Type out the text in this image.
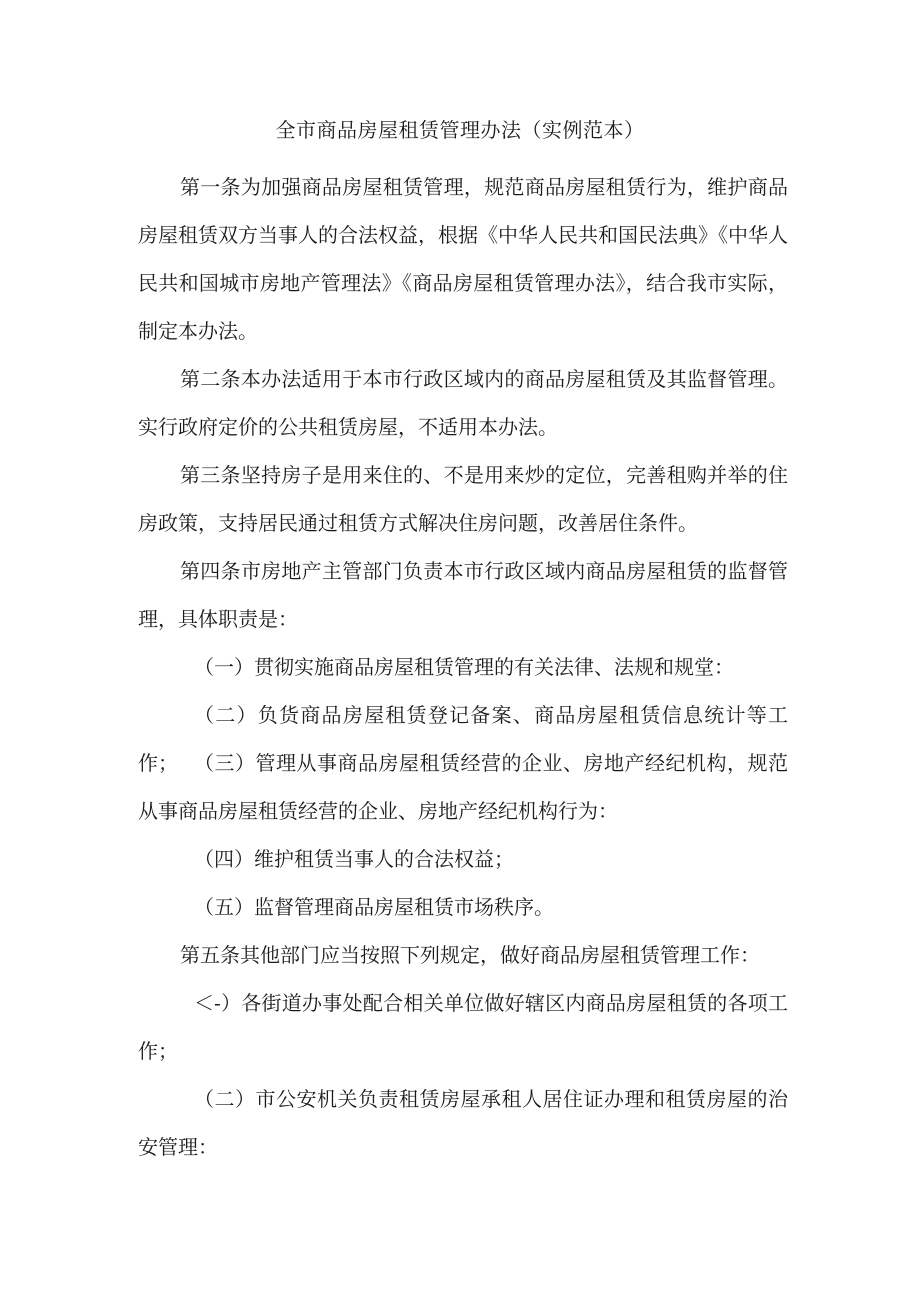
全市商品房屋租赁管理办法（实例范本）

第一条为加强商品房屋租赁管理，规范商品房屋租赁行为，维护商品房屋租赁双方当事人的合法权益，根据《中华人民共和国民法典》《中华人民共和国城市房地产管理法》《商品房屋租赁管理办法》，结合我市实际，制定本办法。

第二条本办法适用于本市行政区域内的商品房屋租赁及其监督管理。实行政府定价的公共租赁房屋，不适用本办法。

第三条坚持房子是用来住的、不是用来炒的定位，完善租购并举的住房政策，支持居民通过租赁方式解决住房问题，改善居住条件。

第四条市房地产主管部门负责本市行政区域内商品房屋租赁的监督管理，具体职责是：

（一）贯彻实施商品房屋租赁管理的有关法律、法规和规堂：

（二）负货商品房屋租赁登记备案、商品房屋租赁信息统计等工作； （三）管理从事商品房屋租赁经营的企业、房地产经纪机构，规范从事商品房屋租赁经营的企业、房地产经纪机构行为：

（四）维护租赁当事人的合法权益；

（五）监督管理商品房屋租赁市场秩序。

第五条其他部门应当按照下列规定，做好商品房屋租赁管理工作：

＜-）各街道办事处配合相关单位做好辖区内商品房屋租赁的各项工作；

（二）市公安机关负责租赁房屋承租人居住证办理和租赁房屋的治安管理：
